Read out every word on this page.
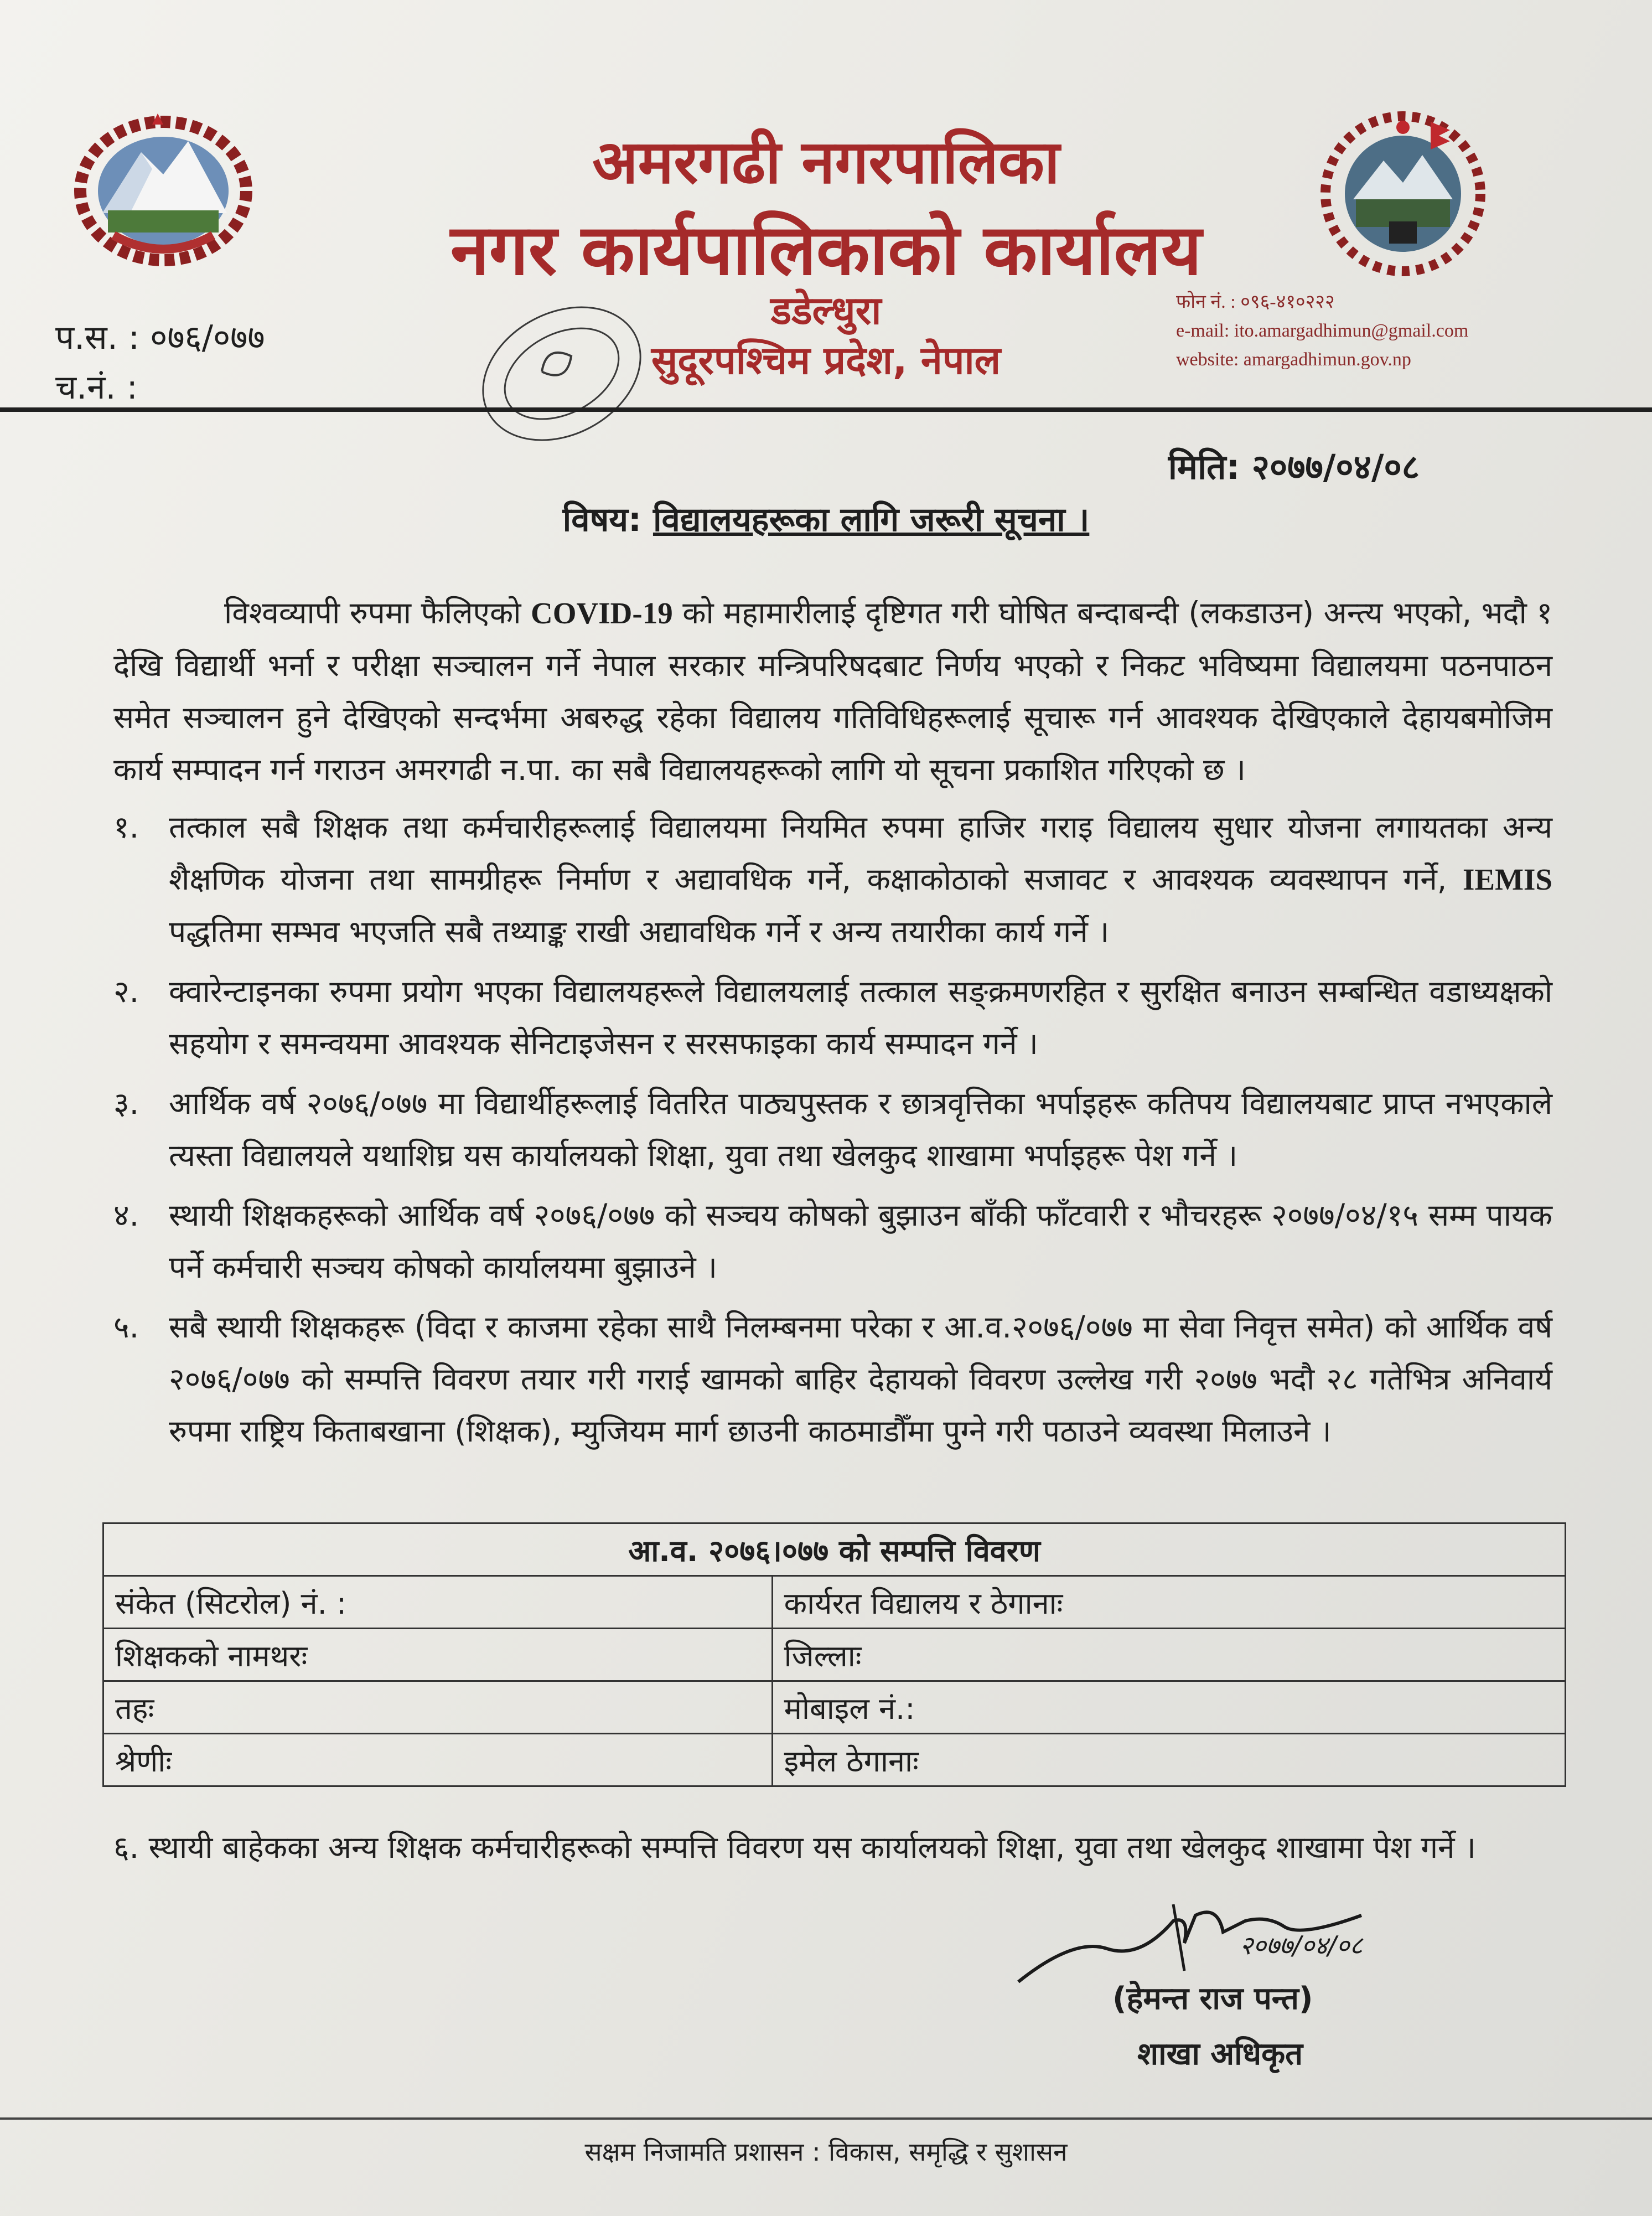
अमरगढी नगरपालिका
नगर कार्यपालिकाको कार्यालय
डडेल्धुरा
सुदूरपश्चिम प्रदेश, नेपाल
प.स. : ०७६/०७७
च.नं. :
फोन नं. : ०९६-४१०२२२
e-mail: ito.amargadhimun@gmail.com
website: amargadhimun.gov.np
मिति: २०७७/०४/०८
विषय: विद्यालयहरूका लागि जरूरी सूचना ।

विश्वव्यापी रुपमा फैलिएको COVID-19 को महामारीलाई दृष्टिगत गरी घोषित बन्दाबन्दी (लकडाउन) अन्त्य भएको, भदौ १ देखि विद्यार्थी भर्ना र परीक्षा सञ्चालन गर्ने नेपाल सरकार मन्त्रिपरिषदबाट निर्णय भएको र निकट भविष्यमा विद्यालयमा पठनपाठन समेत सञ्चालन हुने देखिएको सन्दर्भमा अबरुद्ध रहेका विद्यालय गतिविधिहरूलाई सूचारू गर्न आवश्यक देखिएकाले देहायबमोजिम कार्य सम्पादन गर्न गराउन अमरगढी न.पा. का सबै विद्यालयहरूको लागि यो सूचना प्रकाशित गरिएको छ ।

१. तत्काल सबै शिक्षक तथा कर्मचारीहरूलाई विद्यालयमा नियमित रुपमा हाजिर गराइ विद्यालय सुधार योजना लगायतका अन्य शैक्षणिक योजना तथा सामग्रीहरू निर्माण र अद्यावधिक गर्ने, कक्षाकोठाको सजावट र आवश्यक व्यवस्थापन गर्ने, IEMIS पद्धतिमा सम्भव भएजति सबै तथ्याङ्क राखी अद्यावधिक गर्ने र अन्य तयारीका कार्य गर्ने ।
२. क्वारेन्टाइनका रुपमा प्रयोग भएका विद्यालयहरूले विद्यालयलाई तत्काल सङ्क्रमणरहित र सुरक्षित बनाउन सम्बन्धित वडाध्यक्षको सहयोग र समन्वयमा आवश्यक सेनिटाइजेसन र सरसफाइका कार्य सम्पादन गर्ने ।
३. आर्थिक वर्ष २०७६/०७७ मा विद्यार्थीहरूलाई वितरित पाठ्यपुस्तक र छात्रवृत्तिका भर्पाइहरू कतिपय विद्यालयबाट प्राप्त नभएकाले त्यस्ता विद्यालयले यथाशिघ्र यस कार्यालयको शिक्षा, युवा तथा खेलकुद शाखामा भर्पाइहरू पेश गर्ने ।
४. स्थायी शिक्षकहरूको आर्थिक वर्ष २०७६/०७७ को सञ्चय कोषको बुझाउन बाँकी फाँटवारी र भौचरहरू २०७७/०४/१५ सम्म पायक पर्ने कर्मचारी सञ्चय कोषको कार्यालयमा बुझाउने ।
५. सबै स्थायी शिक्षकहरू (विदा र काजमा रहेका साथै निलम्बनमा परेका र आ.व.२०७६/०७७ मा सेवा निवृत्त समेत) को आर्थिक वर्ष २०७६/०७७ को सम्पत्ति विवरण तयार गरी गराई खामको बाहिर देहायको विवरण उल्लेख गरी २०७७ भदौ २८ गतेभित्र अनिवार्य रुपमा राष्ट्रिय किताबखाना (शिक्षक), म्युजियम मार्ग छाउनी काठमाडौँमा पुग्ने गरी पठाउने व्यवस्था मिलाउने ।
आ.व. २०७६।०७७ को सम्पत्ति विवरण	
संकेत (सिटरोल) नं. :	कार्यरत विद्यालय र ठेगानाः
शिक्षकको नामथरः	जिल्लाः
तहः	मोबाइल नं.:
श्रेणीः	इमेल ठेगानाः
६. स्थायी बाहेकका अन्य शिक्षक कर्मचारीहरूको सम्पत्ति विवरण यस कार्यालयको शिक्षा, युवा तथा खेलकुद शाखामा पेश गर्ने ।
२०७७/०४/०८
(हेमन्त राज पन्त)
शाखा अधिकृत
सक्षम निजामति प्रशासन : विकास, समृद्धि र सुशासन
